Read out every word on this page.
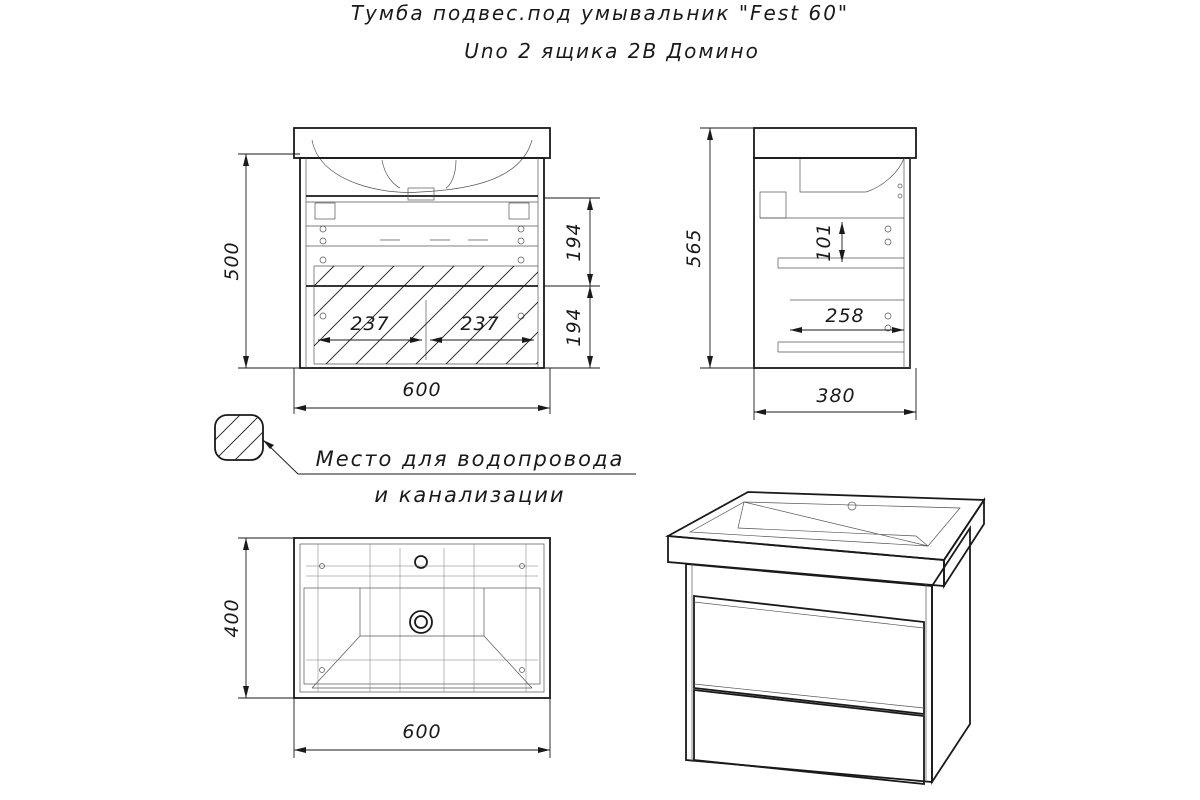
Тумба подвес.под умывальник "Fest 60"
Uno 2 ящика 2B Домино
237	237
500	194
194
600
101
258
565
380
Место для водопровода
и канализации
400
600
